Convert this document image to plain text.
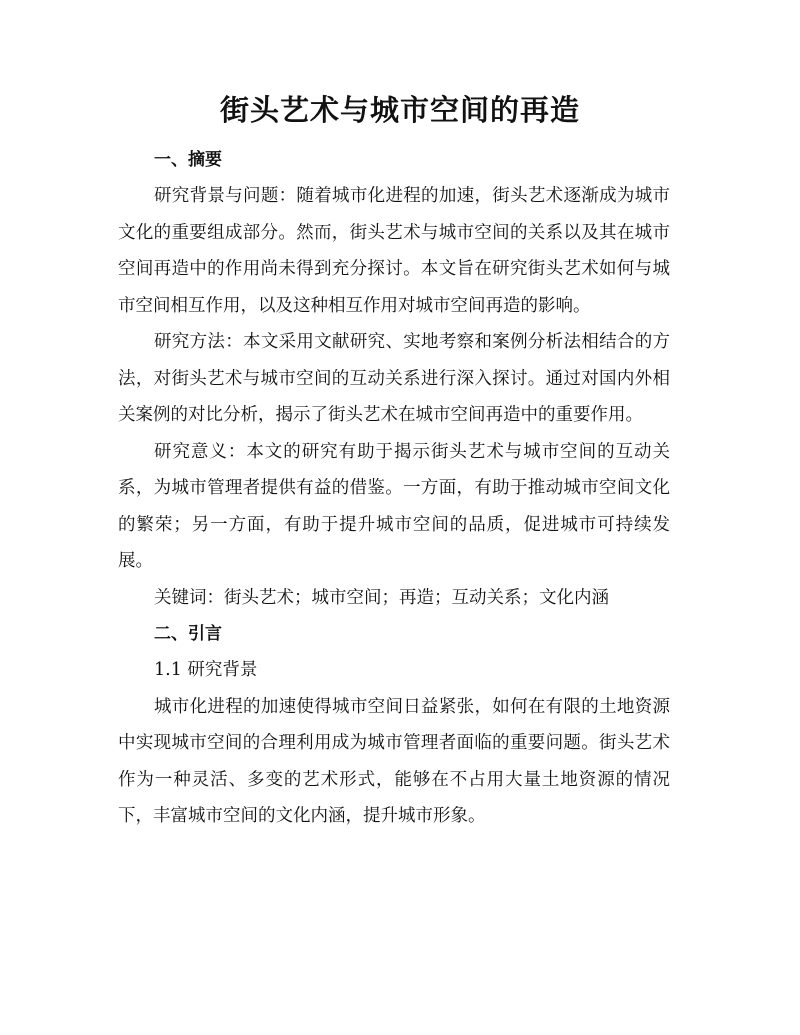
街头艺术与城市空间的再造

一、摘要

研究背景与问题：随着城市化进程的加速，街头艺术逐渐成为城市文化的重要组成部分。然而，街头艺术与城市空间的关系以及其在城市空间再造中的作用尚未得到充分探讨。本文旨在研究街头艺术如何与城市空间相互作用，以及这种相互作用对城市空间再造的影响。

研究方法：本文采用文献研究、实地考察和案例分析法相结合的方法，对街头艺术与城市空间的互动关系进行深入探讨。通过对国内外相关案例的对比分析，揭示了街头艺术在城市空间再造中的重要作用。

研究意义：本文的研究有助于揭示街头艺术与城市空间的互动关系，为城市管理者提供有益的借鉴。一方面，有助于推动城市空间文化的繁荣；另一方面，有助于提升城市空间的品质，促进城市可持续发展。

关键词：街头艺术；城市空间；再造；互动关系；文化内涵

二、引言

1.1 研究背景

城市化进程的加速使得城市空间日益紧张，如何在有限的土地资源中实现城市空间的合理利用成为城市管理者面临的重要问题。街头艺术作为一种灵活、多变的艺术形式，能够在不占用大量土地资源的情况下，丰富城市空间的文化内涵，提升城市形象。
